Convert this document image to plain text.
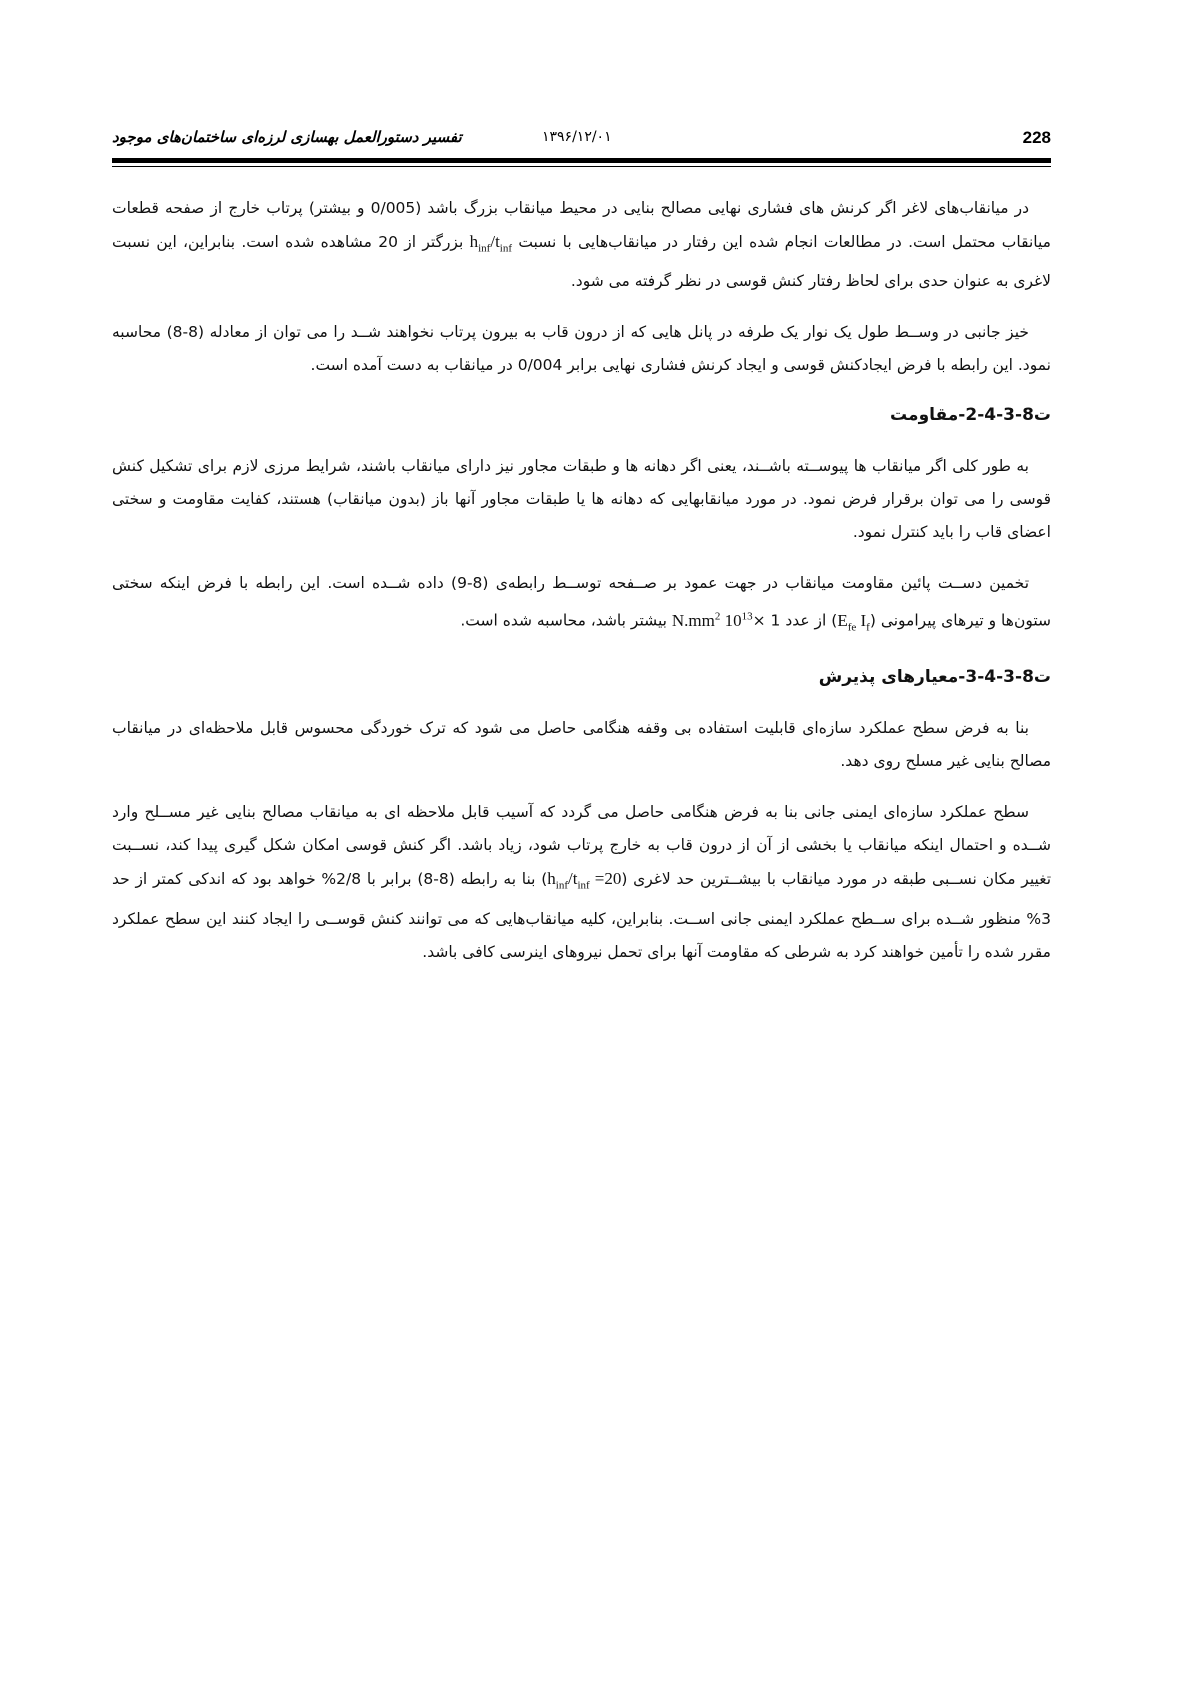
تفسیر دستورالعمل بهسازی لرزه‌ای ساختمان‌های موجود	۱۳۹۶/۱۲/۰۱	228

در میانقاب‌های لاغر اگر کرنش های فشاری نهایی مصالح بنایی در محیط میانقاب بزرگ باشد (0/005 و بیشتر) پرتاب خارج از صفحه قطعات میانقاب محتمل است. در مطالعات انجام شده این رفتار در میانقاب‌هایی با نسبت $h_{inf}/t_{inf}$ بزرگتر از 20 مشاهده شده است. بنابراین، این نسبت لاغری به عنوان حدی برای لحاظ رفتار کنش قوسی در نظر گرفته می شود.

خیز جانبی در وســط طول یک نوار یک طرفه در پانل هایی که از درون قاب به بیرون پرتاب نخواهند شــد را می توان از معادله (8-8) محاسبه نمود. این رابطه با فرض ایجادکنش قوسی و ایجاد کرنش فشاری نهایی برابر 0/004 در میانقاب به دست آمده است.

ت8-3-4-2-مقاومت

به طور کلی اگر میانقاب ها پیوســته باشــند، یعنی اگر دهانه ها و طبقات مجاور نیز دارای میانقاب باشند، شرایط مرزی لازم برای تشکیل کنش قوسی را می توان برقرار فرض نمود. در مورد میانقابهایی که دهانه ها یا طبقات مجاور آنها باز (بدون میانقاب) هستند، کفایت مقاومت و سختی اعضای قاب را باید کنترل نمود.

تخمین دســت پائین مقاومت میانقاب در جهت عمود بر صــفحه توســط رابطه‌ی (8-9) داده شــده است. این رابطه با فرض اینکه سختی ستون‌ها و تیرهای پیرامونی ($E_{fe}$ $I_f$) از عدد $N.mm^2$ $10^{13}\times 1$ بیشتر باشد، محاسبه شده است.

ت8-3-4-3-معیارهای پذیرش

بنا به فرض سطح عملکرد سازه‌ای قابلیت استفاده بی وقفه هنگامی حاصل می شود که ترک خوردگی محسوس قابل ملاحظه‌ای در میانقاب مصالح بنایی غیر مسلح روی دهد.

سطح عملکرد سازه‌ای ایمنی جانی بنا به فرض هنگامی حاصل می گردد که آسیب قابل ملاحظه ای به میانقاب مصالح بنایی غیر مســلح وارد شــده و احتمال اینکه میانقاب یا بخشی از آن از درون قاب به خارج پرتاب شود، زیاد باشد. اگر کنش قوسی امکان شکل گیری پیدا کند، نســبت تغییر مکان نســبی طبقه در مورد میانقاب با بیشــترین حد لاغری $(h_{inf}/t_{inf} =20)$ بنا به رابطه (8-8) برابر با 2/8% خواهد بود که اندکی کمتر از حد 3% منظور شــده برای ســطح عملکرد ایمنی جانی اســت. بنابراین، کلیه میانقاب‌هایی که می توانند کنش قوســی را ایجاد کنند این سطح عملکرد مقرر شده را تأمین خواهند کرد به شرطی که مقاومت آنها برای تحمل نیروهای اینرسی کافی باشد.
